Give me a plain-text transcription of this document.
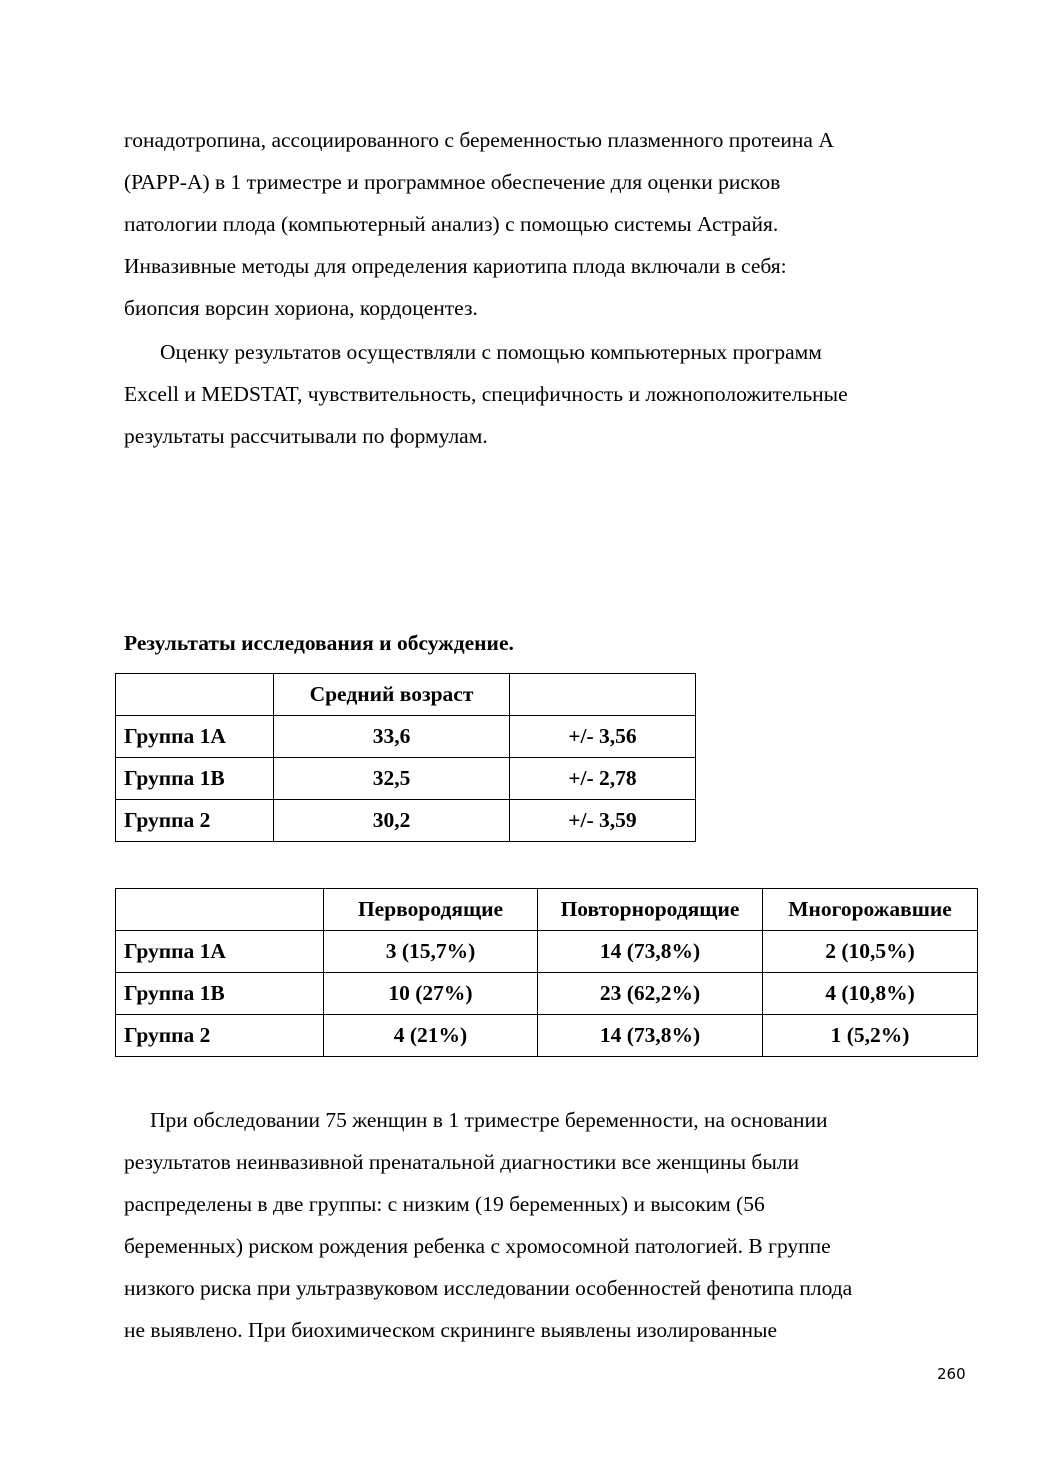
гонадотропина, ассоциированного с беременностью плазменного протеина А
(РАРР-А) в 1 триместре и программное обеспечение для оценки рисков
патологии плода (компьютерный анализ) с помощью системы Астрайя.
Инвазивные методы для определения кариотипа плода включали в себя:
биопсия ворсин хориона, кордоцентез.
Оценку результатов осуществляли с помощью компьютерных программ
Excell и MEDSTAT, чувствительность, специфичность и ложноположительные
результаты рассчитывали по формулам.
Результаты исследования и обсуждение.
	Средний возраст	
Группа 1А	33,6	+/- 3,56
Группа 1В	32,5	+/- 2,78
Группа 2	30,2	+/- 3,59
	Первородящие	Повторнородящие	Многорожавшие
Группа 1А	3 (15,7%)	14 (73,8%)	2 (10,5%)
Группа 1В	10 (27%)	23 (62,2%)	4 (10,8%)
Группа 2	4 (21%)	14 (73,8%)	1 (5,2%)
При обследовании 75 женщин в 1 триместре беременности, на основании
результатов неинвазивной пренатальной диагностики все женщины были
распределены в две группы: с низким (19 беременных) и высоким (56
беременных) риском рождения ребенка с хромосомной патологией. В группе
низкого риска при ультразвуковом исследовании особенностей фенотипа плода
не выявлено. При биохимическом скрининге выявлены изолированные
260
